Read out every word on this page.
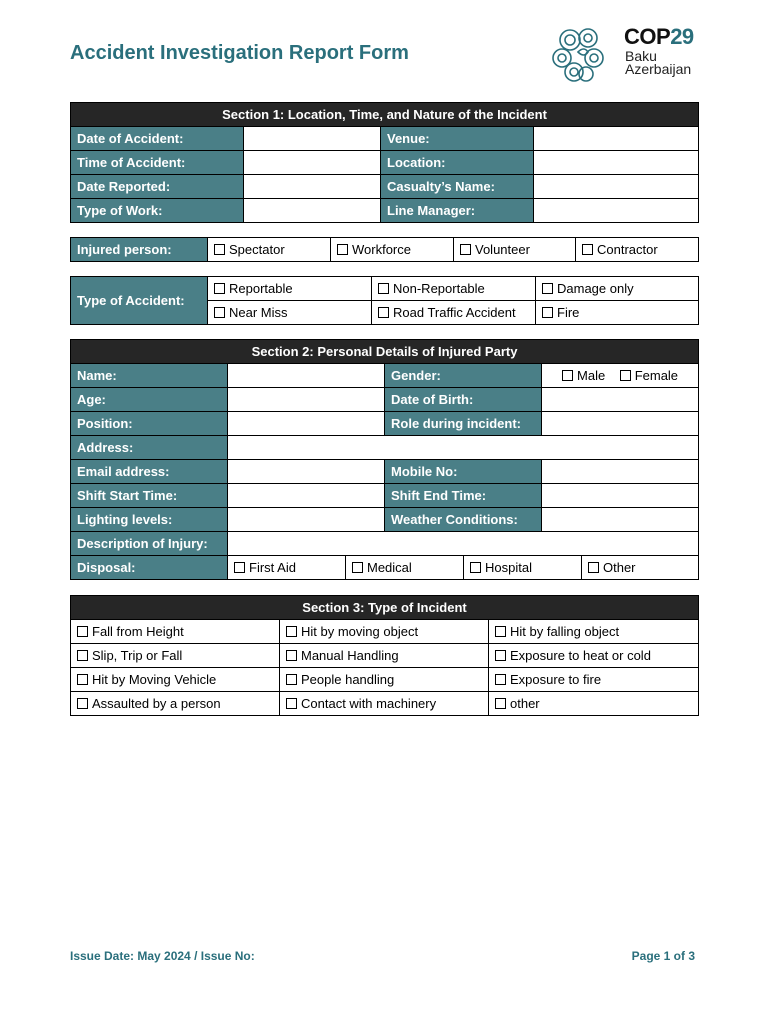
Accident Investigation Report Form
COP29
Baku
Azerbaijan
Section 1: Location, Time, and Nature of the Incident			
Date of Accident:		Venue:	
Time of Accident:		Location:	
Date Reported:		Casualty’s Name:	
Type of Work:		Line Manager:	
Injured person:	Spectator	Workforce	Volunteer	Contractor
Type of Accident:	Reportable	Non-Reportable	Damage only
	Near Miss	Road Traffic Accident	Fire
Section 2: Personal Details of Injured Party			
Name:		Gender:	Male Female
Age:		Date of Birth:	
Position:		Role during incident:	
Address:			
Email address:		Mobile No:	
Shift Start Time:		Shift End Time:	
Lighting levels:		Weather Conditions:	
Description of Injury:			
Disposal:	First Aid	Medical	Hospital	Other
Section 3: Type of Incident		
Fall from Height	Hit by moving object	Hit by falling object
Slip, Trip or Fall	Manual Handling	Exposure to heat or cold
Hit by Moving Vehicle	People handling	Exposure to fire
Assaulted by a person	Contact with machinery	other
Issue Date: May 2024 / Issue No:	Page 1 of 3
